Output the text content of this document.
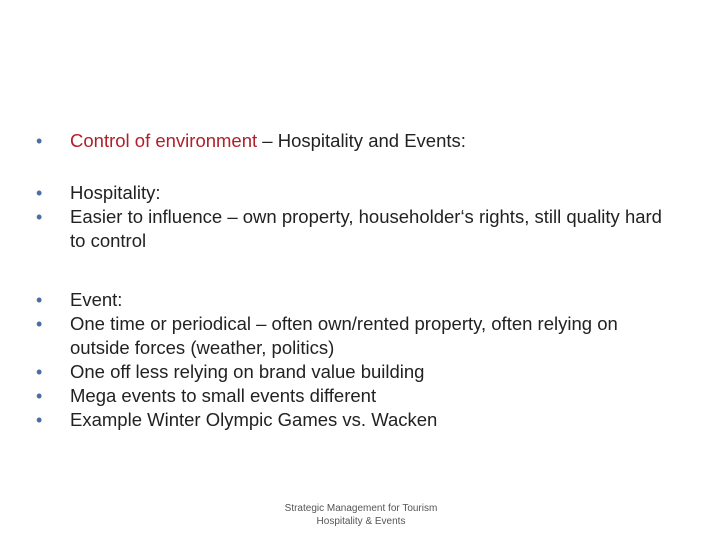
•	Control of environment – Hospitality and Events:
•	Hospitality:
•	Easier to influence – own property, householder‘s rights, still quality hard to control
•	Event:
•	One time or periodical – often own/rented property, often relying on outside forces (weather, politics)
•	One off less relying on brand value building
•	Mega events to small events different
•	Example Winter Olympic Games vs. Wacken
Strategic Management for Tourism
Hospitality & Events
